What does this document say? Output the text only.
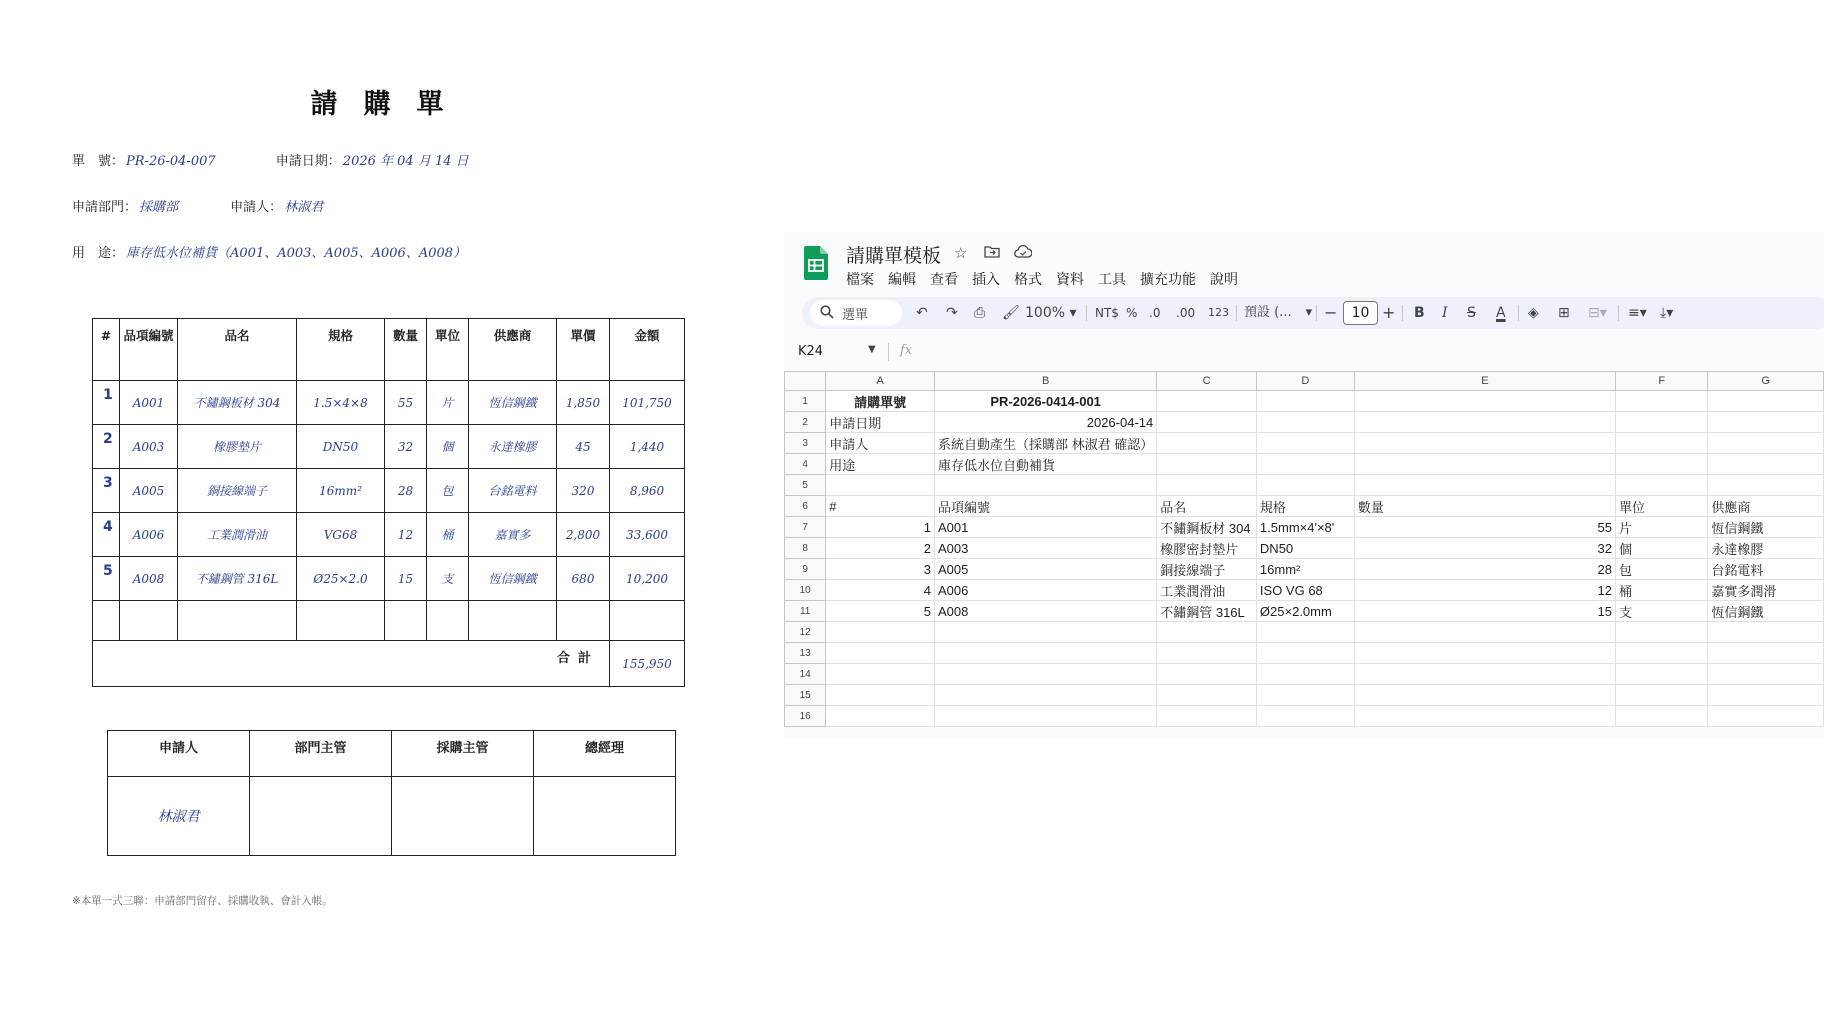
請購單
單　號： PR-26-04-007	申請日期： 2026 年 04 月 14 日
申請部門： 採購部	申請人： 林淑君
用　途： 庫存低水位補貨（A001、A003、A005、A006、A008）
#	品項編號	品名	規格	數量	單位	供應商	單價	金額
1	A001	不鏽鋼板材 304	1.5×4×8	55	片	恆信鋼鐵	1,850	101,750
2	A003	橡膠墊片	DN50	32	個	永達橡膠	45	1,440
3	A005	銅接線端子	16mm²	28	包	台銘電料	320	8,960
4	A006	工業潤滑油	VG68	12	桶	嘉實多	2,800	33,600
5	A008	不鏽鋼管 316L	Ø25×2.0	15	支	恆信鋼鐵	680	10,200

合計								155,950
申請人	部門主管	採購主管	總經理
林淑君			
※本單一式三聯：申請部門留存、採購收執、會計入帳。
請購單模板 ☆
檔案 編輯 查看 插入 格式 資料 工具 擴充功能 說明
選單	↶ ↷ ⎙ 🖌 100% ▾ NT$ % .0 .00 123 預設 (... ▾ −	10 + B I S A ◈ ⊞ ⊟▾ ≡▾ ⤓▾
K24	▼ fx
	A	B	C	D	E	F	G
1	請購單號	PR-2026-0414-001					
2	申請日期	2026-04-14					
3	申請人	系統自動產生（採購部 林淑君 確認）					
4	用途	庫存低水位自動補貨					
5							
6	#	品項編號	品名	規格	數量	單位	供應商
7	1	A001	不鏽鋼板材 304	1.5mm×4'×8'	55	片	恆信鋼鐵
8	2	A003	橡膠密封墊片	DN50	32	個	永達橡膠
9	3	A005	銅接線端子	16mm²	28	包	台銘電料
10	4	A006	工業潤滑油	ISO VG 68	12	桶	嘉實多潤滑
11	5	A008	不鏽鋼管 316L	Ø25×2.0mm	15	支	恆信鋼鐵
12							
13							
14							
15							
16							
